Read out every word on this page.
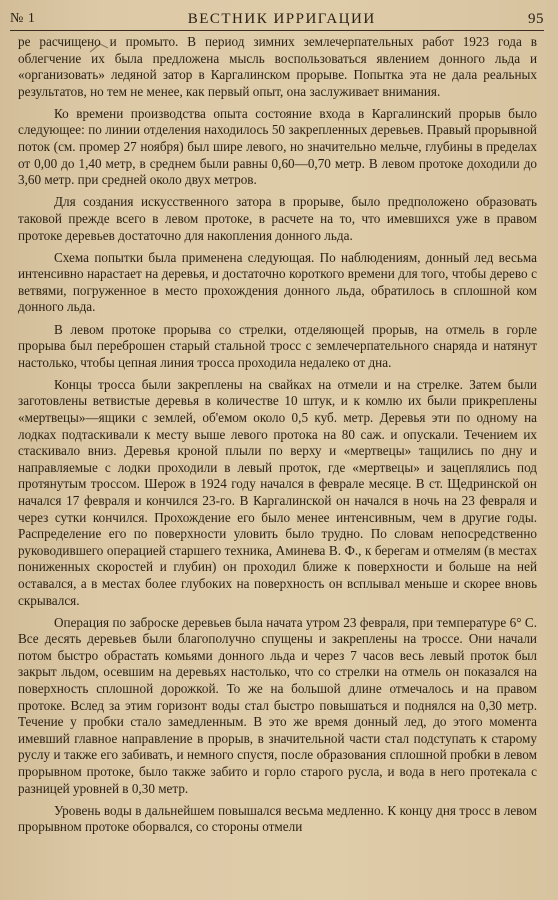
№ 1	ВЕСТНИК ИРРИГАЦИИ	95

ре расчищено и промыто. В период зимних землечерпательных работ 1923 года в облегчение их была предложена мысль воспользоваться явлением донного льда и «организовать» ледяной затор в Каргалинском прорыве. Попытка эта не дала реальных результатов, но тем не менее, как первый опыт, она заслуживает внимания.

Ко времени производства опыта состояние входа в Каргалинский прорыв было следующее: по линии отделения находилось 50 закрепленных деревьев. Правый прорывной поток (см. промер 27 ноября) был шире левого, но значительно мельче, глубины в пределах от 0,00 до 1,40 метр, в среднем были равны 0,60—0,70 метр. В левом протоке доходили до 3,60 метр. при средней около двух метров.

Для создания искусственного затора в прорыве, было предположено образовать таковой прежде всего в левом протоке, в расчете на то, что имевшихся уже в правом протоке деревьев достаточно для накопления донного льда.

Схема попытки была применена следующая. По наблюдениям, донный лед весьма интенсивно нарастает на деревья, и достаточно короткого времени для того, чтобы дерево с ветвями, погруженное в место прохождения донного льда, обратилось в сплошной ком донного льда.

В левом протоке прорыва со стрелки, отделяющей прорыв, на отмель в горле прорыва был переброшен старый стальной тросс с землечерпательного снаряда и натянут настолько, чтобы цепная линия тросса проходила недалеко от дна.

Концы тросса были закреплены на свайках на отмели и на стрелке. Затем были заготовлены ветвистые деревья в количестве 10 штук, и к комлю их были прикреплены «мертвецы»—ящики с землей, об'емом около 0,5 куб. метр. Деревья эти по одному на лодках подтаскивали к месту выше левого протока на 80 саж. и опускали. Течением их стаскивало вниз. Деревья кроной плыли по верху и «мертвецы» тащились по дну и направляемые с лодки проходили в левый проток, где «мертвецы» и зацеплялись под протянутым троссом. Шерож в 1924 году начался в феврале месяце. В ст. Щедринской он начался 17 февраля и кончился 23-го. В Каргалинской он начался в ночь на 23 февраля и через сутки кончился. Прохождение его было менее интенсивным, чем в другие годы. Распределение его по поверхности уловить было трудно. По словам непосредственно руководившего операцией старшего техника, Аминева В. Ф., к берегам и отмелям (в местах пониженных скоростей и глубин) он проходил ближе к поверхности и больше на ней оставался, а в местах более глубоких на поверхность он всплывал меньше и скорее вновь скрывался.

Операция по заброске деревьев была начата утром 23 февраля, при температуре 6° С. Все десять деревьев были благополучно спущены и закреплены на троссе. Они начали потом быстро обрастать комьями донного льда и через 7 часов весь левый проток был закрыт льдом, осевшим на деревьях настолько, что со стрелки на отмель он показался на поверхность сплошной дорожкой. То же на большой длине отмечалось и на правом протоке. Вслед за этим горизонт воды стал быстро повышаться и поднялся на 0,30 метр. Течение у пробки стало замедленным. В это же время донный лед, до этого момента имевший главное направление в прорыв, в значительной части стал подступать к старому руслу и также его забивать, и немного спустя, после образования сплошной пробки в левом прорывном протоке, было также забито и горло старого русла, и вода в него протекала с разницей уровней в 0,30 метр.

Уровень воды в дальнейшем повышался весьма медленно. К концу дня тросс в левом прорывном протоке оборвался, со стороны отмели
